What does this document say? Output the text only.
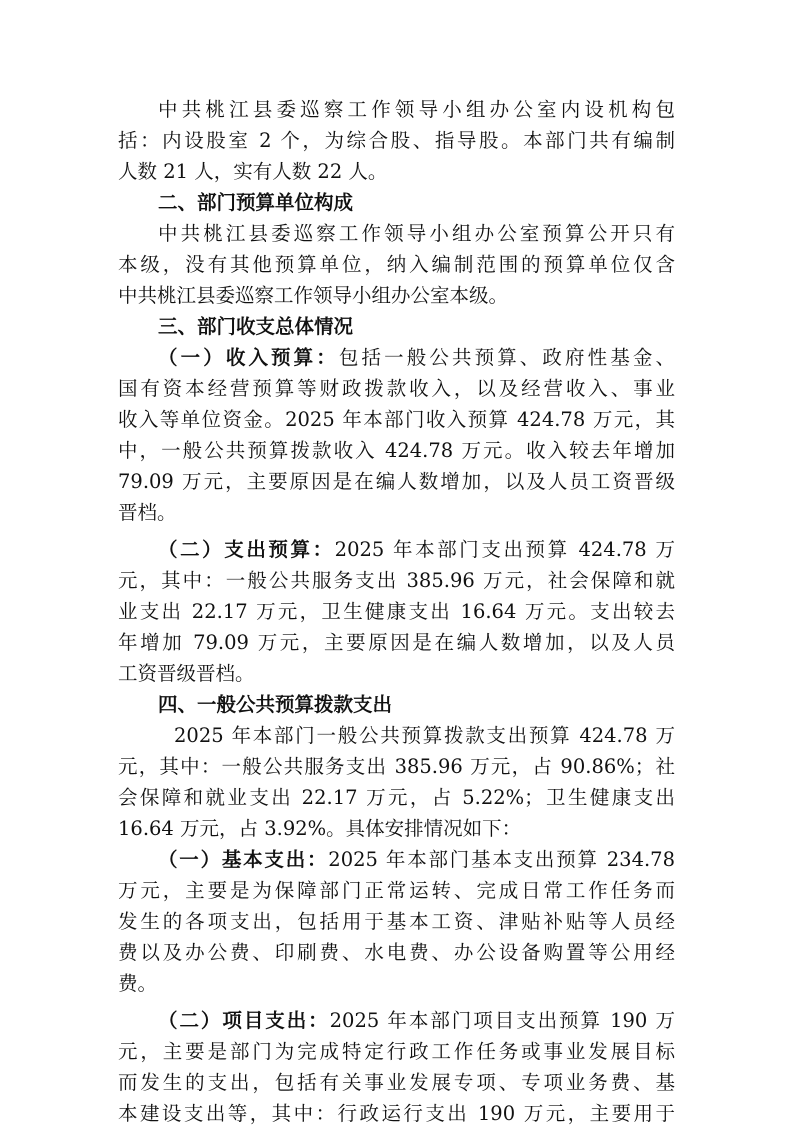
中共桃江县委巡察工作领导小组办公室内设机构包
括：内设股室 2 个，为综合股、指导股。本部门共有编制
人数 21 人，实有人数 22 人。
二、部门预算单位构成
中共桃江县委巡察工作领导小组办公室预算公开只有
本级，没有其他预算单位，纳入编制范围的预算单位仅含
中共桃江县委巡察工作领导小组办公室本级。
三、部门收支总体情况
（一）收入预算：包括一般公共预算、政府性基金、
国有资本经营预算等财政拨款收入，以及经营收入、事业
收入等单位资金。2025 年本部门收入预算 424.78 万元，其
中，一般公共预算拨款收入 424.78 万元。收入较去年增加
79.09 万元，主要原因是在编人数增加，以及人员工资晋级
晋档。
（二）支出预算：2025 年本部门支出预算 424.78 万
元，其中：一般公共服务支出 385.96 万元，社会保障和就
业支出 22.17 万元，卫生健康支出 16.64 万元。支出较去
年增加 79.09 万元，主要原因是在编人数增加，以及人员
工资晋级晋档。
四、一般公共预算拨款支出
2025 年本部门一般公共预算拨款支出预算 424.78 万
元，其中：一般公共服务支出 385.96 万元，占 90.86%；社
会保障和就业支出 22.17 万元，占 5.22%；卫生健康支出
16.64 万元，占 3.92%。具体安排情况如下：
（一）基本支出：2025 年本部门基本支出预算 234.78
万元，主要是为保障部门正常运转、完成日常工作任务而
发生的各项支出，包括用于基本工资、津贴补贴等人员经
费以及办公费、印刷费、水电费、办公设备购置等公用经
费。
（二）项目支出：2025 年本部门项目支出预算 190 万
元，主要是部门为完成特定行政工作任务或事业发展目标
而发生的支出，包括有关事业发展专项、专项业务费、基
本建设支出等，其中：行政运行支出 190 万元，主要用于
